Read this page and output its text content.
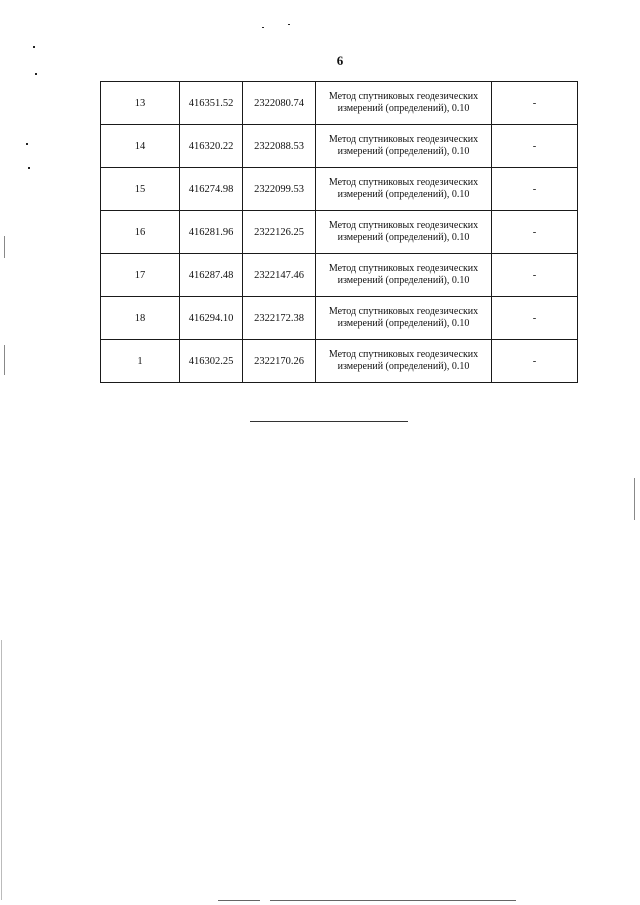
6
13	416351.52	2322080.74	Метод спутниковых геодезических измерений (определений), 0.10	-
14	416320.22	2322088.53	Метод спутниковых геодезических измерений (определений), 0.10	-
15	416274.98	2322099.53	Метод спутниковых геодезических измерений (определений), 0.10	-
16	416281.96	2322126.25	Метод спутниковых геодезических измерений (определений), 0.10	-
17	416287.48	2322147.46	Метод спутниковых геодезических измерений (определений), 0.10	-
18	416294.10	2322172.38	Метод спутниковых геодезических измерений (определений), 0.10	-
1	416302.25	2322170.26	Метод спутниковых геодезических измерений (определений), 0.10	-
